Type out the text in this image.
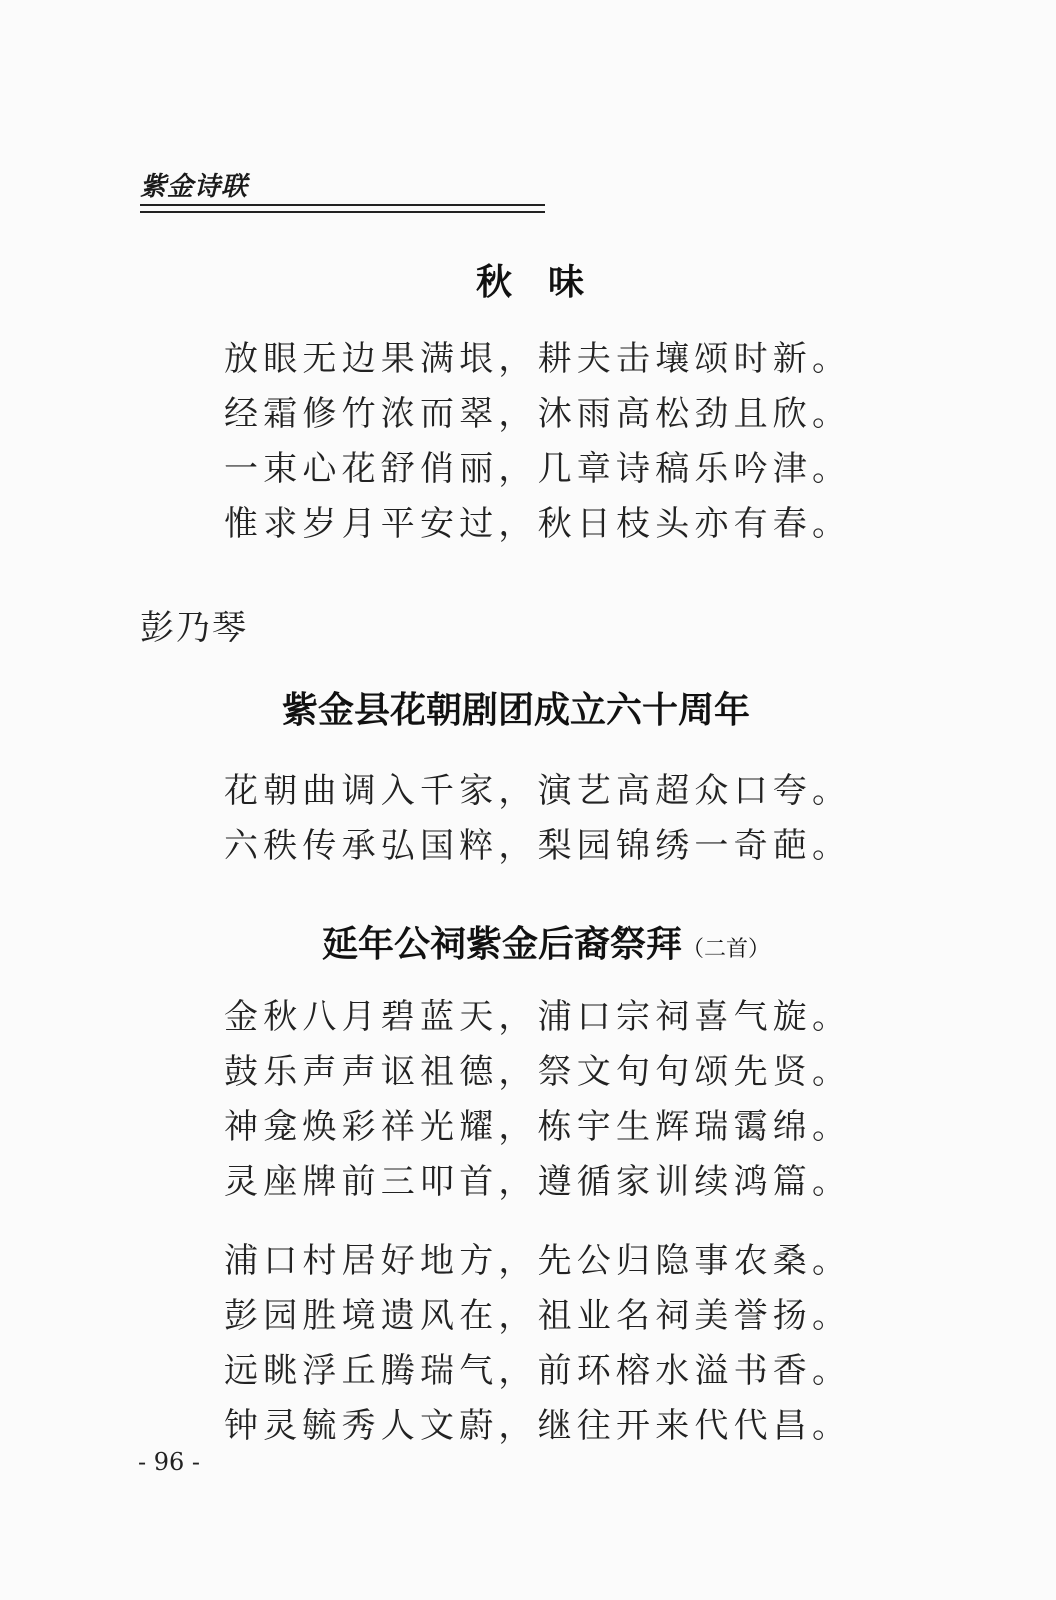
紫金诗联
秋　味
放眼无边果满垠，耕夫击壤颂时新。
经霜修竹浓而翠，沐雨高松劲且欣。
一束心花舒俏丽，几章诗稿乐吟津。
惟求岁月平安过，秋日枝头亦有春。
彭乃琴
紫金县花朝剧团成立六十周年
花朝曲调入千家，演艺高超众口夸。
六秩传承弘国粹，梨园锦绣一奇葩。
延年公祠紫金后裔祭拜（二首）
金秋八月碧蓝天，浦口宗祠喜气旋。
鼓乐声声讴祖德，祭文句句颂先贤。
神龛焕彩祥光耀，栋宇生辉瑞霭绵。
灵座牌前三叩首，遵循家训续鸿篇。
浦口村居好地方，先公归隐事农桑。
彭园胜境遗风在，祖业名祠美誉扬。
远眺浮丘腾瑞气，前环榕水溢书香。
钟灵毓秀人文蔚，继往开来代代昌。
- 96 -
